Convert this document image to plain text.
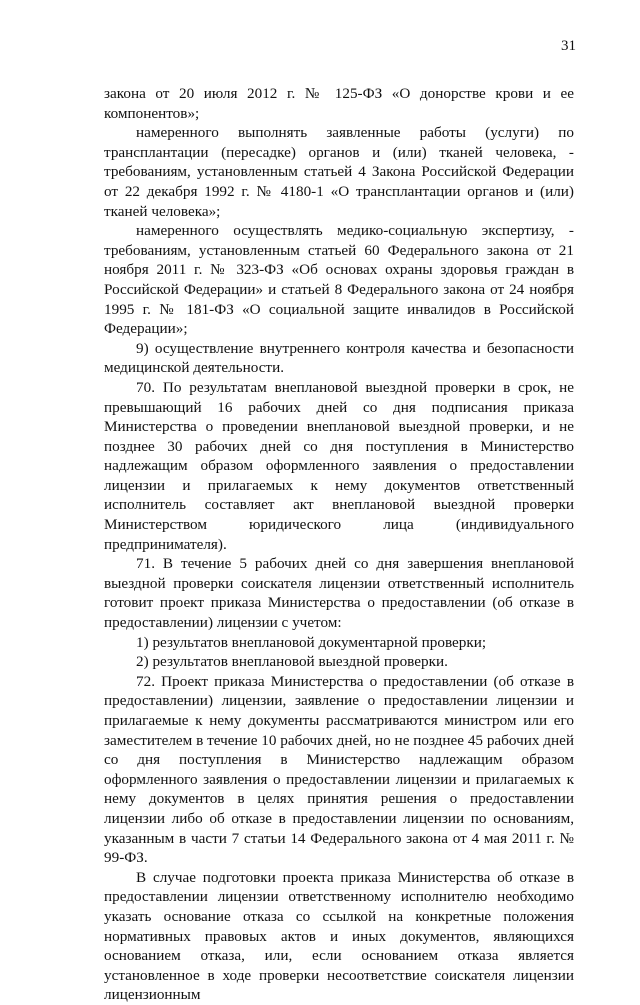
31

закона от 20 июля 2012 г. № 125-ФЗ «О донорстве крови и ее компонентов»;

намеренного выполнять заявленные работы (услуги) по трансплантации (пересадке) органов и (или) тканей человека, - требованиям, установленным статьей 4 Закона Российской Федерации от 22 декабря 1992 г. № 4180-1 «О трансплантации органов и (или) тканей человека»;

намеренного осуществлять медико-социальную экспертизу, - требованиям, установленным статьей 60 Федерального закона от 21 ноября 2011 г. № 323-ФЗ «Об основах охраны здоровья граждан в Российской Федерации» и статьей 8 Федерального закона от 24 ноября 1995 г. № 181-ФЗ «О социальной защите инвалидов в Российской Федерации»;

9) осуществление внутреннего контроля качества и безопасности медицинской деятельности.

70. По результатам внеплановой выездной проверки в срок, не превышающий 16 рабочих дней со дня подписания приказа Министерства о проведении внеплановой выездной проверки, и не позднее 30 рабочих дней со дня поступления в Министерство надлежащим образом оформленного заявления о предоставлении лицензии и прилагаемых к нему документов ответственный исполнитель составляет акт внеплановой выездной проверки Министерством юридического лица (индивидуального предпринимателя).

71. В течение 5 рабочих дней со дня завершения внеплановой выездной проверки соискателя лицензии ответственный исполнитель готовит проект приказа Министерства о предоставлении (об отказе в предоставлении) лицензии с учетом:

1) результатов внеплановой документарной проверки;

2) результатов внеплановой выездной проверки.

72. Проект приказа Министерства о предоставлении (об отказе в предоставлении) лицензии, заявление о предоставлении лицензии и прилагаемые к нему документы рассматриваются министром или его заместителем в течение 10 рабочих дней, но не позднее 45 рабочих дней со дня поступления в Министерство надлежащим образом оформленного заявления о предоставлении лицензии и прилагаемых к нему документов в целях принятия решения о предоставлении лицензии либо об отказе в предоставлении лицензии по основаниям, указанным в части 7 статьи 14 Федерального закона от 4 мая 2011 г. № 99-ФЗ.

В случае подготовки проекта приказа Министерства об отказе в предоставлении лицензии ответственному исполнителю необходимо указать основание отказа со ссылкой на конкретные положения нормативных правовых актов и иных документов, являющихся основанием отказа, или, если основанием отказа является установленное в ходе проверки несоответствие соискателя лицензии лицензионным
